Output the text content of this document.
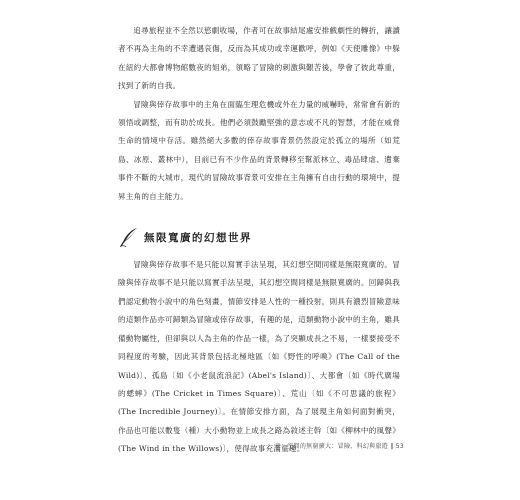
追尋旅程並不全然以慾劇收場，作者可在故事結尾處安排戲劇性的轉折，讓讀者不再為主角的不幸遭遇哀傷，反而為其成功或幸運歡呼，例如《天使雕像》中躲在紐約大都會博物館數夜的姐弟，領略了冒險的刺激與艱苦後，學會了彼此尊重，找到了新的自我。

冒險與倖存故事中的主角在面臨生理危機或外在力量的威嚇時，常常會有新的領悟或調整，而有助於成長。他們必須鼓勵堅強的意志或不凡的智慧，才能在威脅生命的情境中存活。雖然絕大多數的倖存故事背景仍然設定於孤立的場所（如荒島、冰原、叢林中），目前已有不少作品的背景轉移至幫派林立、毒品肆虐、遺棄事件不斷的大城市，現代的冒險故事背景可安排在主角擁有自由行動的環境中，提昇主角的自主能力。

無限寬廣的幻想世界

冒險與倖存故事不是只能以寫實手法呈現，其幻想空間同樣是無限寬廣的。冒險與倖存故事不是只能以寫實手法呈現，其幻想空間同樣是無限寬廣的。回歸與我們認定動物小說中的角色刻畫，情節安排是人性的一種投射，則具有濃烈冒險意味的這類作品亦可歸類為冒險或倖存故事，有趣的是，這類動物小說中的主角，雖具備動物屬性，但卻與以人為主角的作品一樣，為了突顯成長之不易，一樣要接受不同程度的考驗，因此其背景包括北極地區〔如《野性的呼喚》(The Call of the Wild)〕、孤島〔如《小老鼠流浪記》(Abel's Island)〕、大都會〔如《時代廣場的蟋蟀》(The Cricket in Times Square)〕、荒山〔如《不可思議的旅程》(The Incredible Journey)〕。在情節安排方面，為了展現主角如何面對衝突，作品也可能以數隻（種）大小動物並上成長之路為敘述主幹〔如《柳林中的風聲》(The Wind in the Willows)〕，使得故事充滿童趣。

章：空間的無窮擴大：冒險、科幻與旅遊 ‖ 53
